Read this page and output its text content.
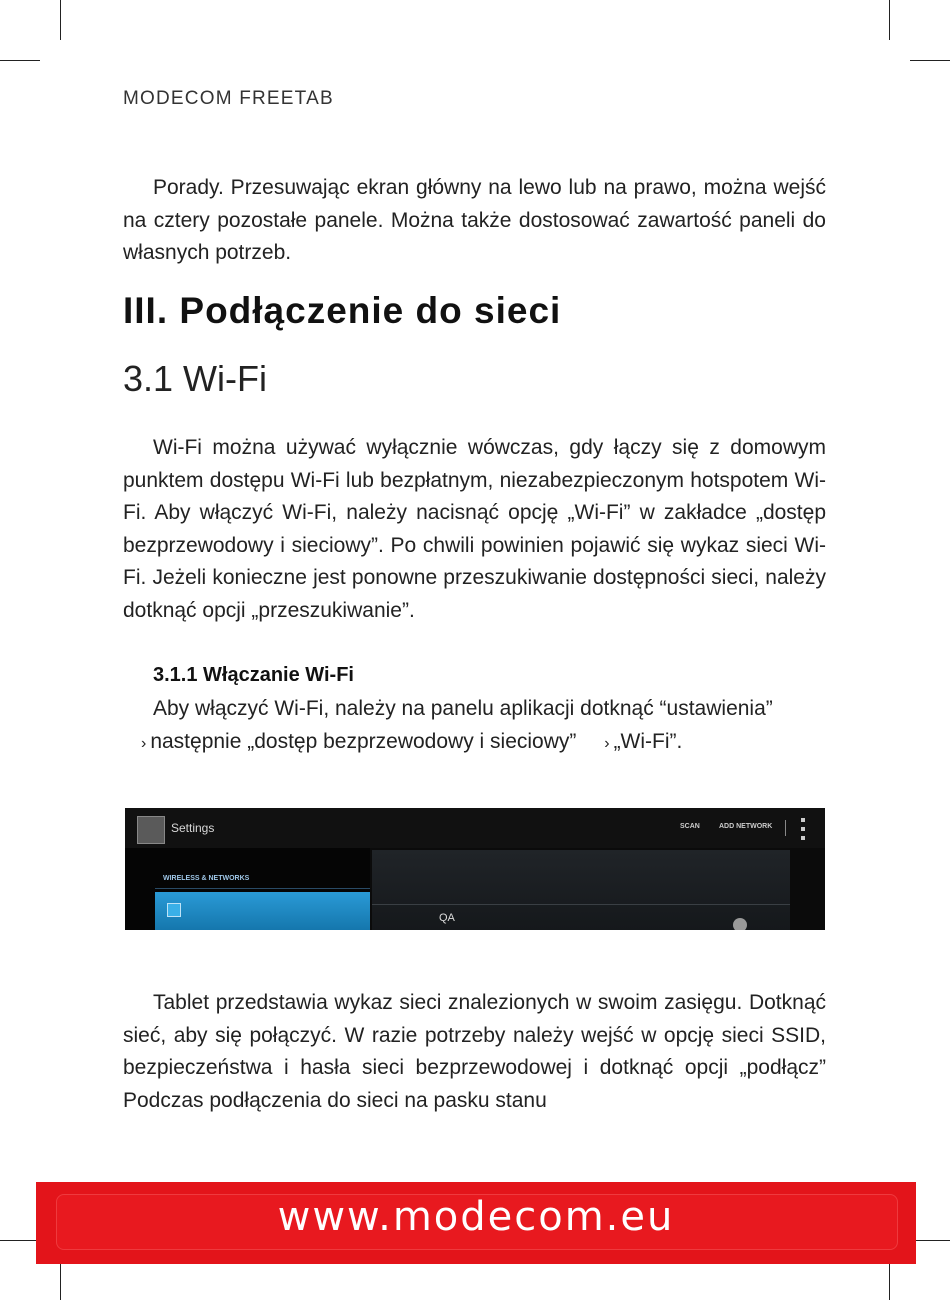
MODECOM FREETAB

Porady. Przesuwając ekran główny na lewo lub na prawo, można wejść na cztery pozostałe panele. Można także dostosować zawartość paneli do własnych potrzeb.

III. Podłączenie do sieci
3.1 Wi-Fi

Wi-Fi można używać wyłącznie wówczas, gdy łączy się z domowym punktem dostępu Wi-Fi lub bezpłatnym, niezabezpieczonym hotspotem Wi-Fi. Aby włączyć Wi-Fi, należy nacisnąć opcję „Wi-Fi” w zakładce „dostęp bezprzewodowy i sieciowy”. Po chwili powinien pojawić się wykaz sieci Wi-Fi. Jeżeli konieczne jest ponowne przeszukiwanie dostępności sieci, należy dotknąć opcji „przeszukiwanie”.

3.1.1 Włączanie Wi-Fi
Aby włączyć Wi-Fi, należy na panelu aplikacji dotknąć “ustawienia”
› następnie „dostęp bezprzewodowy i sieciowy” › „Wi-Fi”.
Settings	SCAN	ADD NETWORK
WIRELESS & NETWORKS
QA

Tablet przedstawia wykaz sieci znalezionych w swoim zasięgu. Dotknąć sieć, aby się połączyć. W razie potrzeby należy wejść w opcję sieci SSID, bezpieczeństwa i hasła sieci bezprzewodowej i dotknąć opcji „podłącz” Podczas podłączenia do sieci na pasku stanu

www.modecom.eu
